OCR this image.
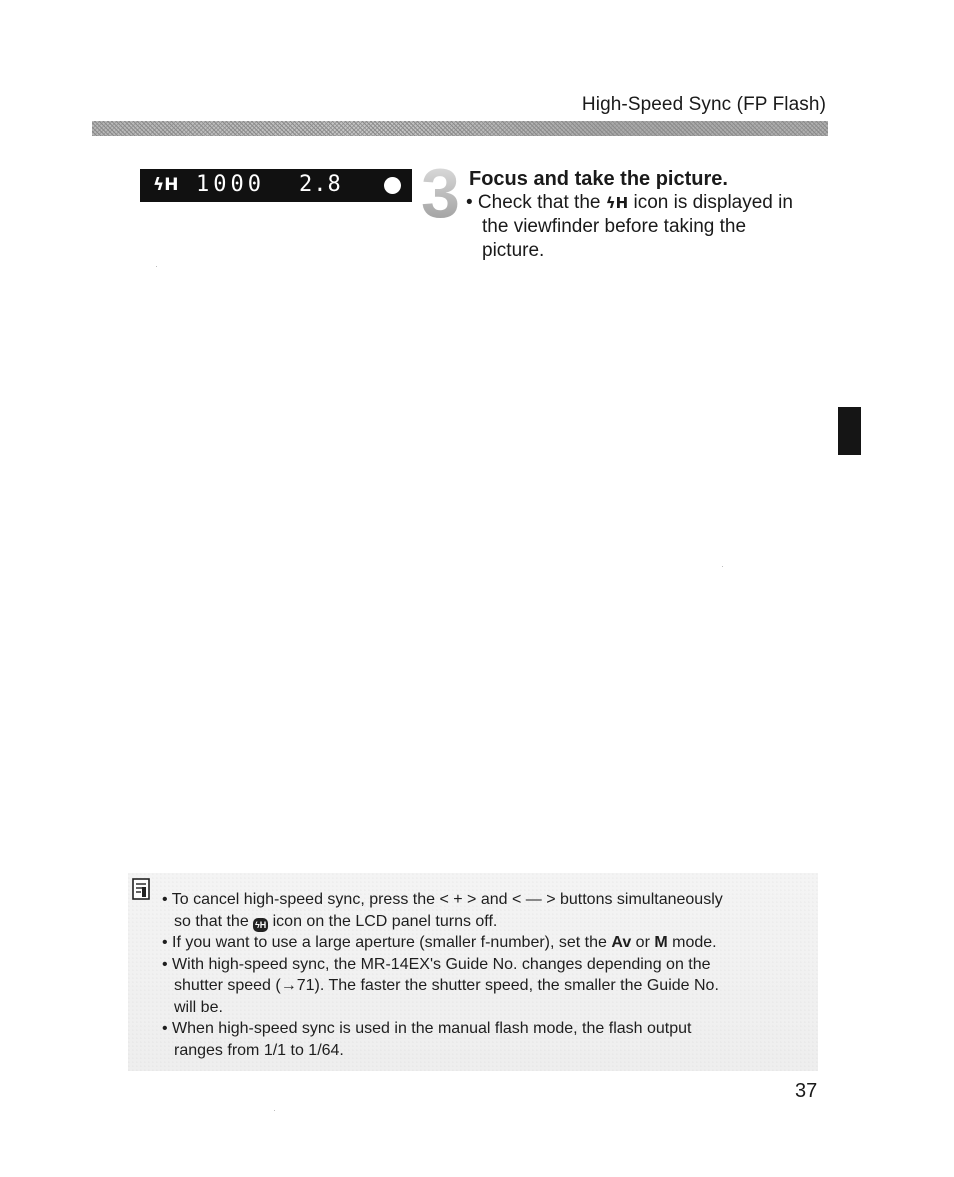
High-Speed Sync (FP Flash)
ϟH 1000 2.8 3 Focus and take the picture.
• Check that the ϟH icon is displayed in
the viewfinder before taking the
picture.
• To cancel high-speed sync, press the < + > and < — > buttons simultaneously
so that the ϟH icon on the LCD panel turns off.
• If you want to use a large aperture (smaller f-number), set the Av or M mode.
• With high-speed sync, the MR-14EX's Guide No. changes depending on the
shutter speed (→71). The faster the shutter speed, the smaller the Guide No.
will be.
• When high-speed sync is used in the manual flash mode, the flash output
ranges from 1/1 to 1/64.
37
